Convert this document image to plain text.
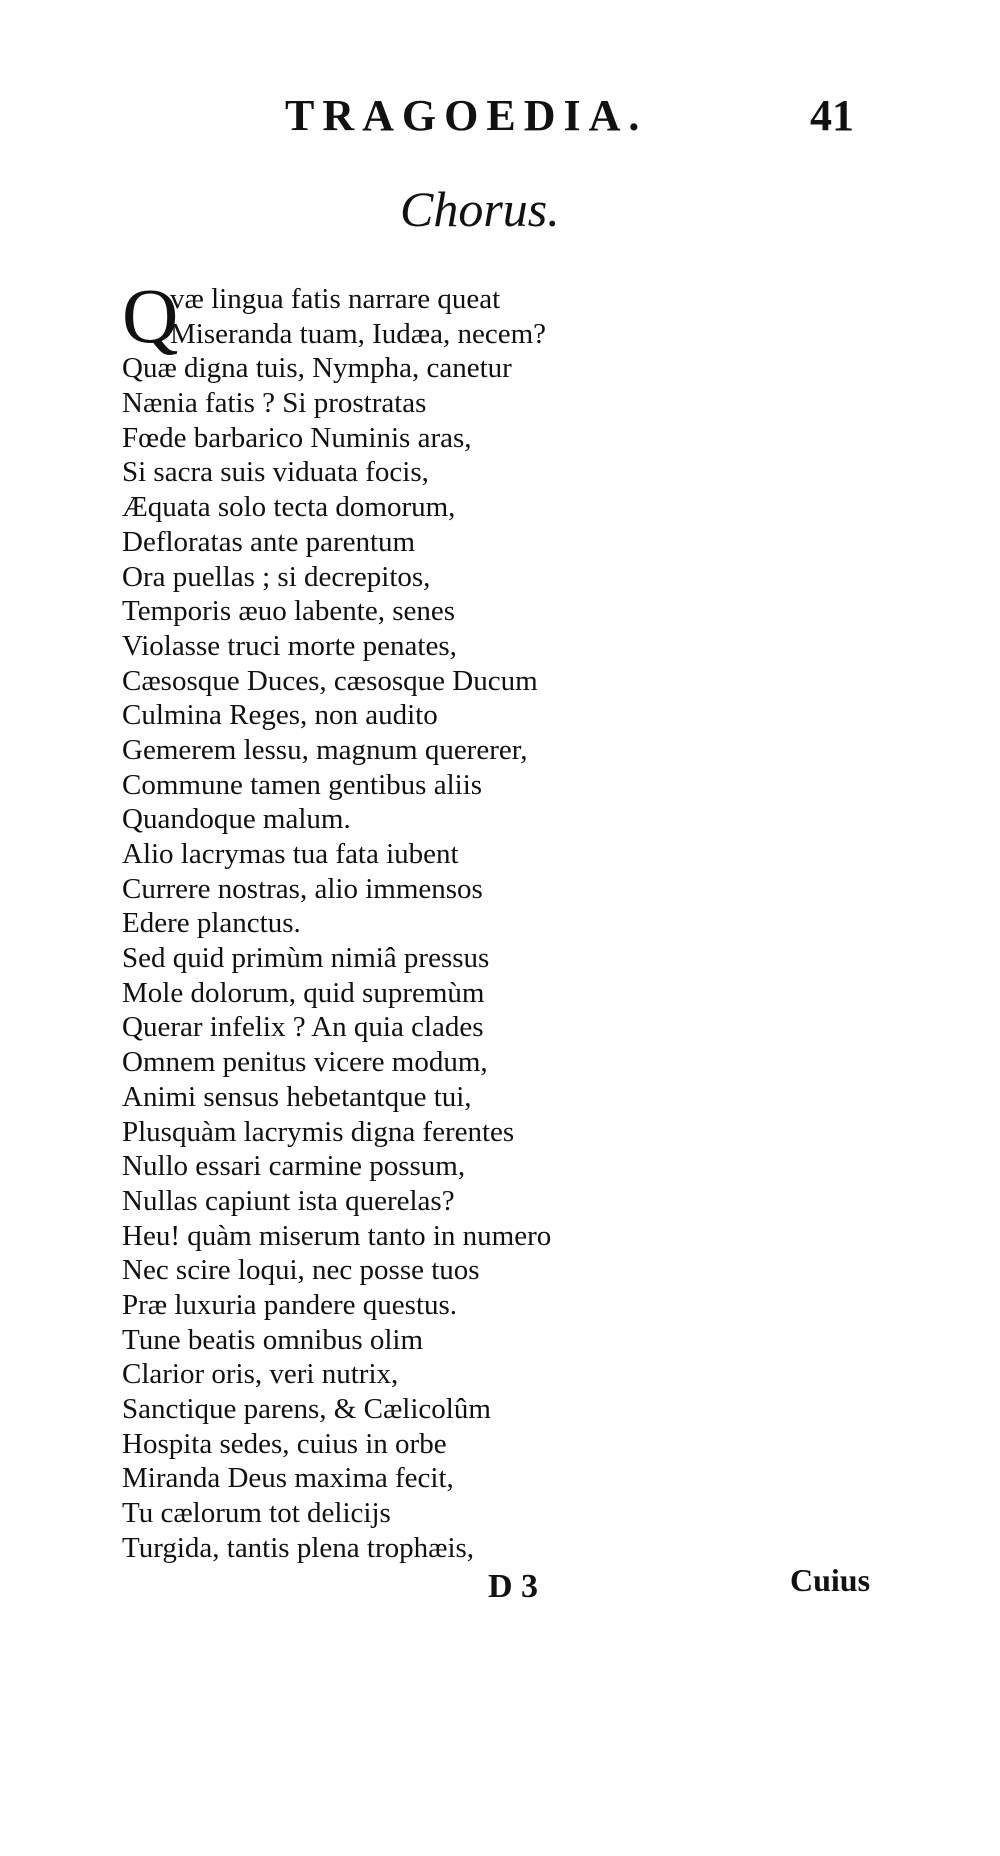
TRAGOEDIA.	41
Chorus.
Q
væ lingua fatis narrare queat
Miseranda tuam, Iudæa, necem?
Quæ digna tuis, Nympha, canetur
Nænia fatis ? Si prostratas
Fœde barbarico Numinis aras,
Si sacra suis viduata focis,
Æquata solo tecta domorum,
Defloratas ante parentum
Ora puellas ; si decrepitos,
Temporis æuo labente, senes
Violasse truci morte penates,
Cæsosque Duces, cæsosque Ducum
Culmina Reges, non audito
Gemerem lessu, magnum quererer,
Commune tamen gentibus aliis
Quandoque malum.
Alio lacrymas tua fata iubent
Currere nostras, alio immensos
Edere planctus.
Sed quid primùm nimiâ pressus
Mole dolorum, quid supremùm
Querar infelix ? An quia clades
Omnem penitus vicere modum,
Animi sensus hebetantque tui,
Plusquàm lacrymis digna ferentes
Nullo essari carmine possum,
Nullas capiunt ista querelas?
Heu! quàm miserum tanto in numero
Nec scire loqui, nec posse tuos
Præ luxuria pandere questus.
Tune beatis omnibus olim
Clarior oris, veri nutrix,
Sanctique parens, & Cælicolûm
Hospita sedes, cuius in orbe
Miranda Deus maxima fecit,
Tu cælorum tot delicijs
Turgida, tantis plena trophæis,
D 3	Cuius
